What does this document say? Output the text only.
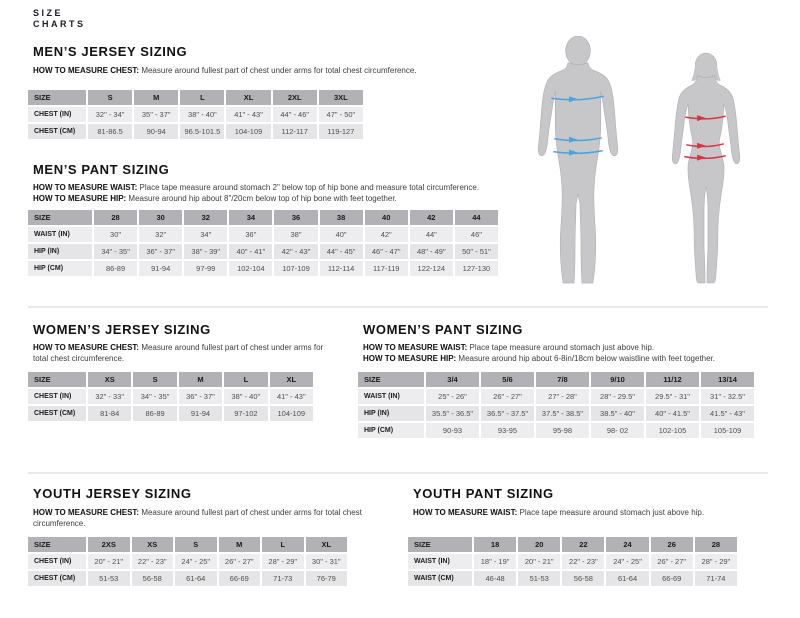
SIZE
CHARTS
MEN’S JERSEY SIZING
HOW TO MEASURE CHEST: Measure around fullest part of chest under arms for total chest circumference.
SIZE	S	M	L	XL	2XL	3XL
CHEST (IN)	32" - 34"	35" - 37"	38" - 40"	41" - 43"	44" - 46"	47" - 50"
CHEST (CM)	81-86.5	90-94	96.5-101.5	104-109	112-117	119-127
MEN’S PANT SIZING
HOW TO MEASURE WAIST: Place tape measure around stomach 2" below top of hip bone and measure total circumference.
HOW TO MEASURE HIP: Measure around hip about 8"/20cm below top of hip bone with feet together.
SIZE	28	30	32	34	36	38	40	42	44
WAIST (IN)	30"	32"	34"	36"	38"	40"	42"	44"	46"
HIP (IN)	34" - 35"	36" - 37"	38" - 39"	40" - 41"	42" - 43"	44" - 45"	46" - 47"	48" - 49"	50" - 51"
HIP (CM)	86-89	91-94	97-99	102-104	107-109	112-114	117-119	122-124	127-130
WOMEN’S JERSEY SIZING
HOW TO MEASURE CHEST: Measure around fullest part of chest under arms for total chest circumference.
SIZE	XS	S	M	L	XL
CHEST (IN)	32" - 33"	34" - 35"	36" - 37"	38" - 40"	41" - 43"
CHEST (CM)	81-84	86-89	91-94	97-102	104-109
WOMEN’S PANT SIZING
HOW TO MEASURE WAIST: Place tape measure around stomach just above hip.
HOW TO MEASURE HIP: Measure around hip about 6-8in/18cm below waistline with feet together.
SIZE	3/4	5/6	7/8	9/10	11/12	13/14
WAIST (IN)	25" - 26"	26" - 27"	27" - 28"	28" - 29.5"	29.5" - 31"	31" - 32.5"
HIP (IN)	35.5" - 36.5"	36.5" - 37.5"	37.5" - 38.5"	38.5" - 40"	40" - 41.5"	41.5" - 43"
HIP (CM)	90-93	93-95	95-98	98- 02	102-105	105-109
YOUTH JERSEY SIZING
HOW TO MEASURE CHEST: Measure around fullest part of chest under arms for total chest circumference.
SIZE	2XS	XS	S	M	L	XL
CHEST (IN)	20" - 21"	22" - 23"	24" - 25"	26" - 27"	28" - 29"	30" - 31"
CHEST (CM)	51-53	56-58	61-64	66-69	71-73	76-79
YOUTH PANT SIZING
HOW TO MEASURE WAIST: Place tape measure around stomach just above hip.
SIZE	18	20	22	24	26	28
WAIST (IN)	18" - 19"	20" - 21"	22" - 23"	24" - 25"	26" - 27"	28" - 29"
WAIST (CM)	46-48	51-53	56-58	61-64	66-69	71-74
